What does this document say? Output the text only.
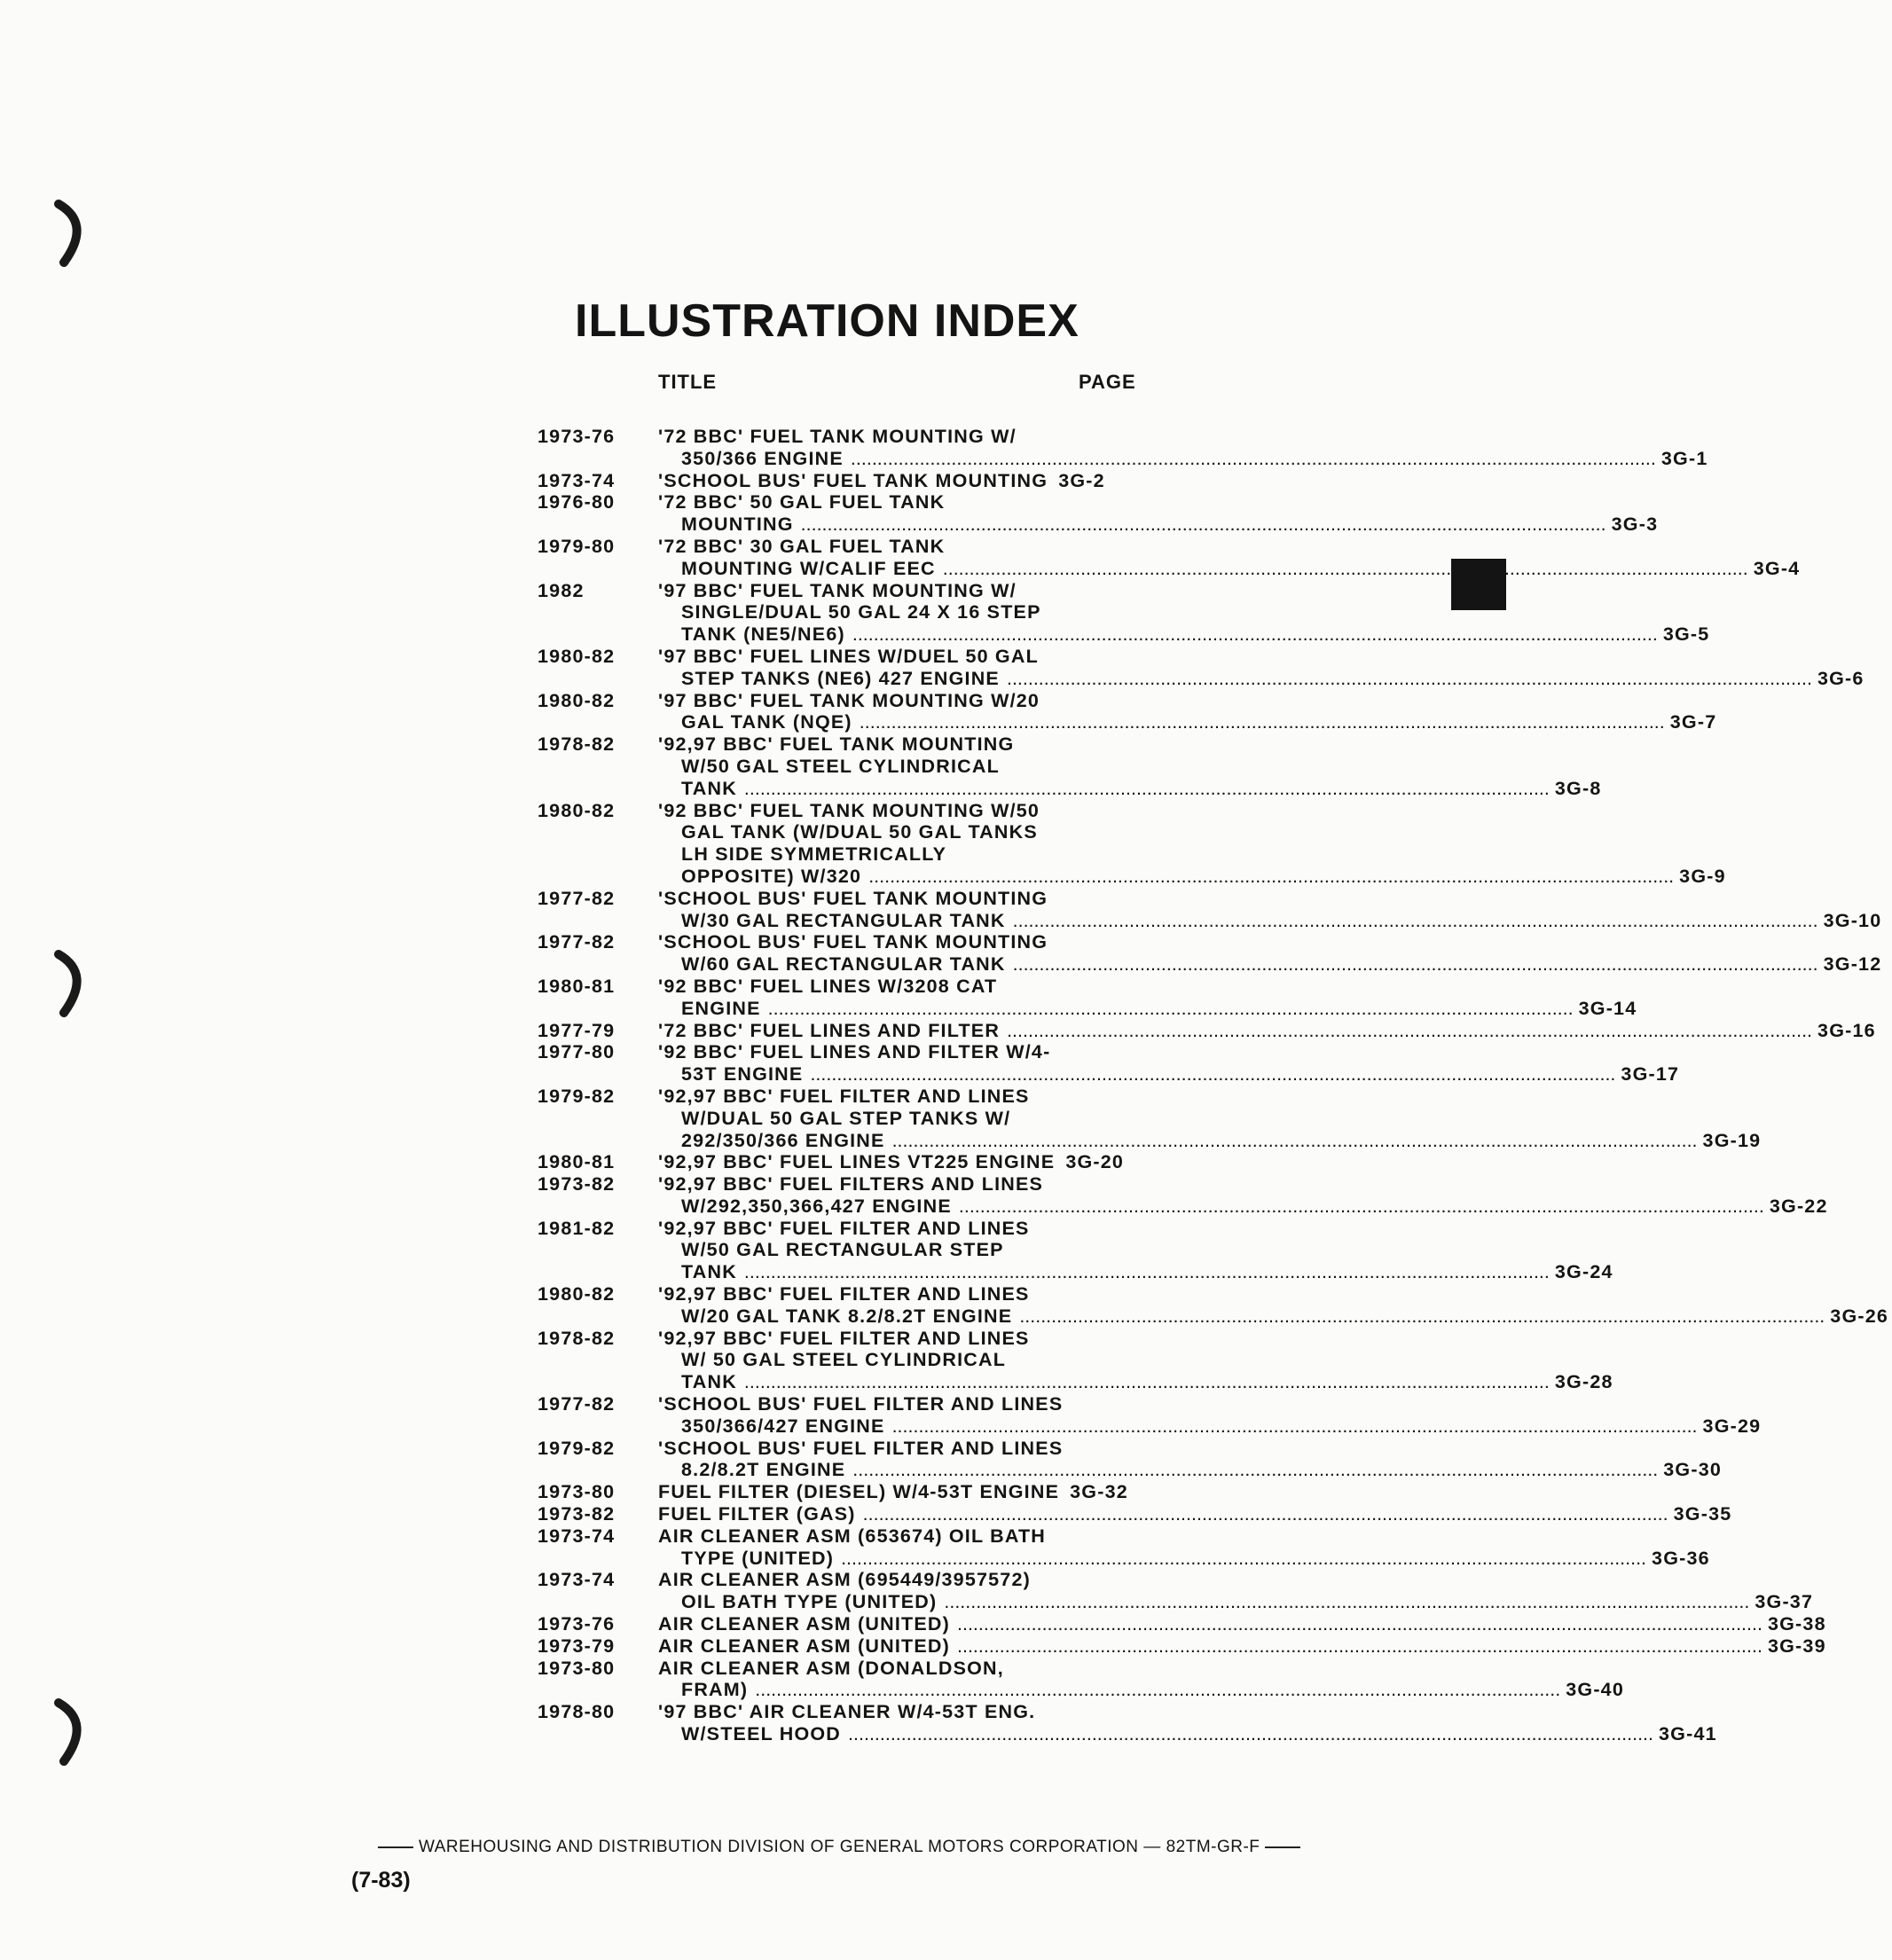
ILLUSTRATION INDEX
TITLE	PAGE
1973-76	'72 BBC' FUEL TANK MOUNTING W/
350/366 ENGINE .....	3G-1
1973-74	'SCHOOL BUS' FUEL TANK MOUNTING 3G-2
1976-80	'72 BBC' 50 GAL FUEL TANK
MOUNTING .....	3G-3
1979-80	'72 BBC' 30 GAL FUEL TANK
MOUNTING W/CALIF EEC .....	3G-4
1982	'97 BBC' FUEL TANK MOUNTING W/
SINGLE/DUAL 50 GAL 24 X 16 STEP
TANK (NE5/NE6) .....	3G-5
1980-82	'97 BBC' FUEL LINES W/DUEL 50 GAL
STEP TANKS (NE6) 427 ENGINE .....	3G-6
1980-82	'97 BBC' FUEL TANK MOUNTING W/20
GAL TANK (NQE) .....	3G-7
1978-82	'92,97 BBC' FUEL TANK MOUNTING
W/50 GAL STEEL CYLINDRICAL
TANK .....	3G-8
1980-82	'92 BBC' FUEL TANK MOUNTING W/50
GAL TANK (W/DUAL 50 GAL TANKS
LH SIDE SYMMETRICALLY
OPPOSITE) W/320 .....	3G-9
1977-82	'SCHOOL BUS' FUEL TANK MOUNTING
W/30 GAL RECTANGULAR TANK .....	3G-10
1977-82	'SCHOOL BUS' FUEL TANK MOUNTING
W/60 GAL RECTANGULAR TANK .....	3G-12
1980-81	'92 BBC' FUEL LINES W/3208 CAT
ENGINE .....	3G-14
1977-79	'72 BBC' FUEL LINES AND FILTER .....	3G-16
1977-80	'92 BBC' FUEL LINES AND FILTER W/4-
53T ENGINE .....	3G-17
1979-82	'92,97 BBC' FUEL FILTER AND LINES
W/DUAL 50 GAL STEP TANKS W/
292/350/366 ENGINE .....	3G-19
1980-81	'92,97 BBC' FUEL LINES VT225 ENGINE 3G-20
1973-82	'92,97 BBC' FUEL FILTERS AND LINES
W/292,350,366,427 ENGINE .....	3G-22
1981-82	'92,97 BBC' FUEL FILTER AND LINES
W/50 GAL RECTANGULAR STEP
TANK .....	3G-24
1980-82	'92,97 BBC' FUEL FILTER AND LINES
W/20 GAL TANK 8.2/8.2T ENGINE .....	3G-26
1978-82	'92,97 BBC' FUEL FILTER AND LINES
W/ 50 GAL STEEL CYLINDRICAL
TANK .....	3G-28
1977-82	'SCHOOL BUS' FUEL FILTER AND LINES
350/366/427 ENGINE .....	3G-29
1979-82	'SCHOOL BUS' FUEL FILTER AND LINES
8.2/8.2T ENGINE .....	3G-30
1973-80	FUEL FILTER (DIESEL) W/4-53T ENGINE 3G-32
1973-82	FUEL FILTER (GAS) .....	3G-35
1973-74	AIR CLEANER ASM (653674) OIL BATH
TYPE (UNITED) .....	3G-36
1973-74	AIR CLEANER ASM (695449/3957572)
OIL BATH TYPE (UNITED) .....	3G-37
1973-76	AIR CLEANER ASM (UNITED) .....	3G-38
1973-79	AIR CLEANER ASM (UNITED) .....	3G-39
1973-80	AIR CLEANER ASM (DONALDSON,
FRAM) .....	3G-40
1978-80	'97 BBC' AIR CLEANER W/4-53T ENG.
W/STEEL HOOD .....	3G-41
WAREHOUSING AND DISTRIBUTION DIVISION OF GENERAL MOTORS CORPORATION — 82TM-GR-F
(7-83)
